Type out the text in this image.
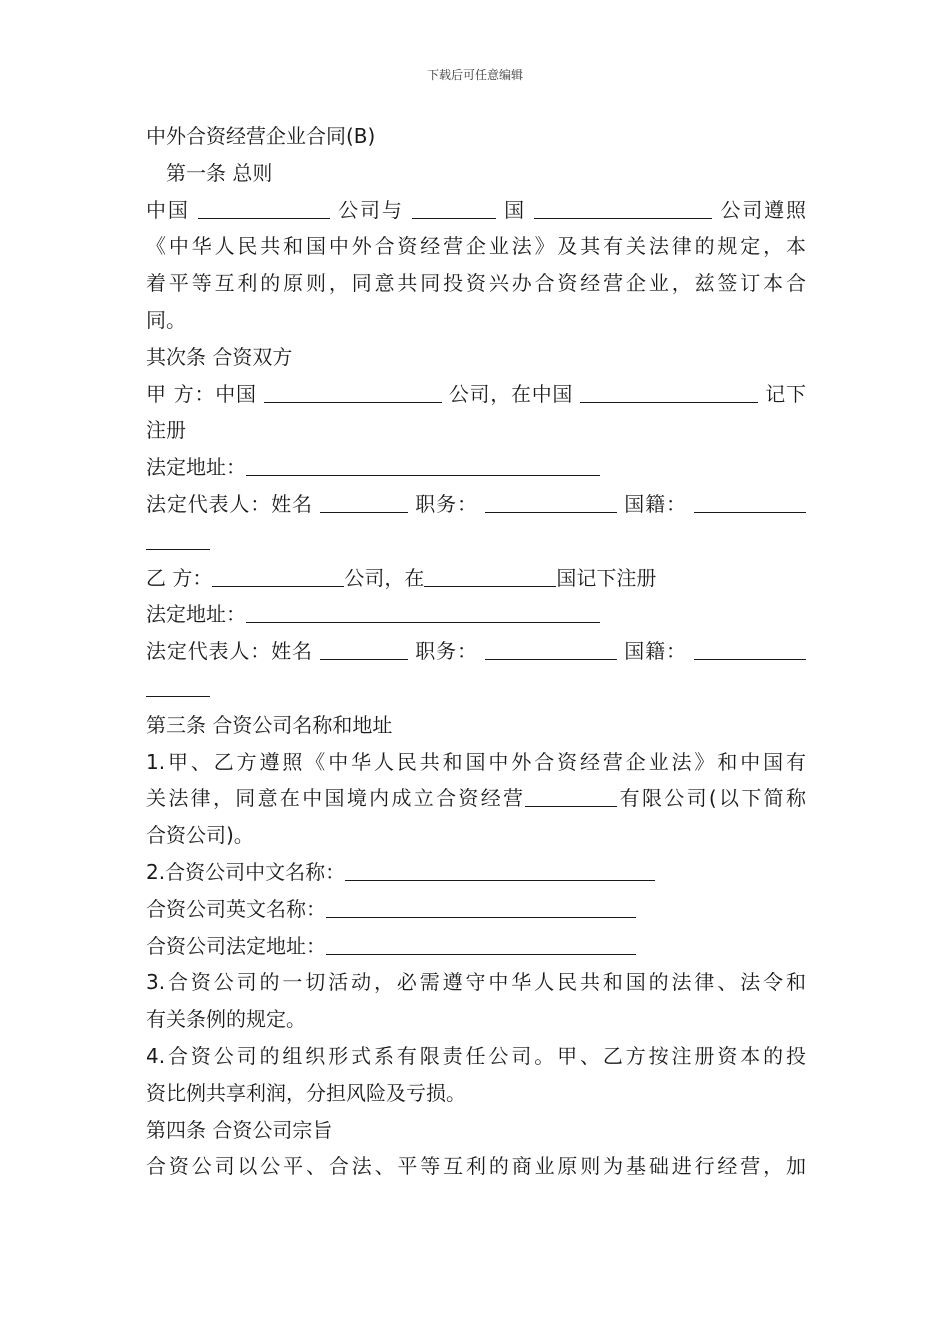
下载后可任意编辑
中外合资经营企业合同(B)
第一条 总则
中国	公司与	国	公司遵照
《中华人民共和国中外合资经营企业法》及其有关法律的规定，本
着平等互利的原则，同意共同投资兴办合资经营企业，兹签订本合
同。
其次条 合资双方
甲 方：中国	公司，在中国	记下
注册
法定地址：
法定代表人：姓名	职务：	国籍：
乙 方：	公司，在	国记下注册
法定地址：
法定代表人：姓名	职务：	国籍：
第三条 合资公司名称和地址
1.甲、乙方遵照《中华人民共和国中外合资经营企业法》和中国有
关法律，同意在中国境内成立合资经营	有限公司(以下简称
合资公司)。
2.合资公司中文名称：
合资公司英文名称：
合资公司法定地址：
3.合资公司的一切活动，必需遵守中华人民共和国的法律、法令和
有关条例的规定。
4.合资公司的组织形式系有限责任公司。甲、乙方按注册资本的投
资比例共享利润，分担风险及亏损。
第四条 合资公司宗旨
合资公司以公平、合法、平等互利的商业原则为基础进行经营，加
